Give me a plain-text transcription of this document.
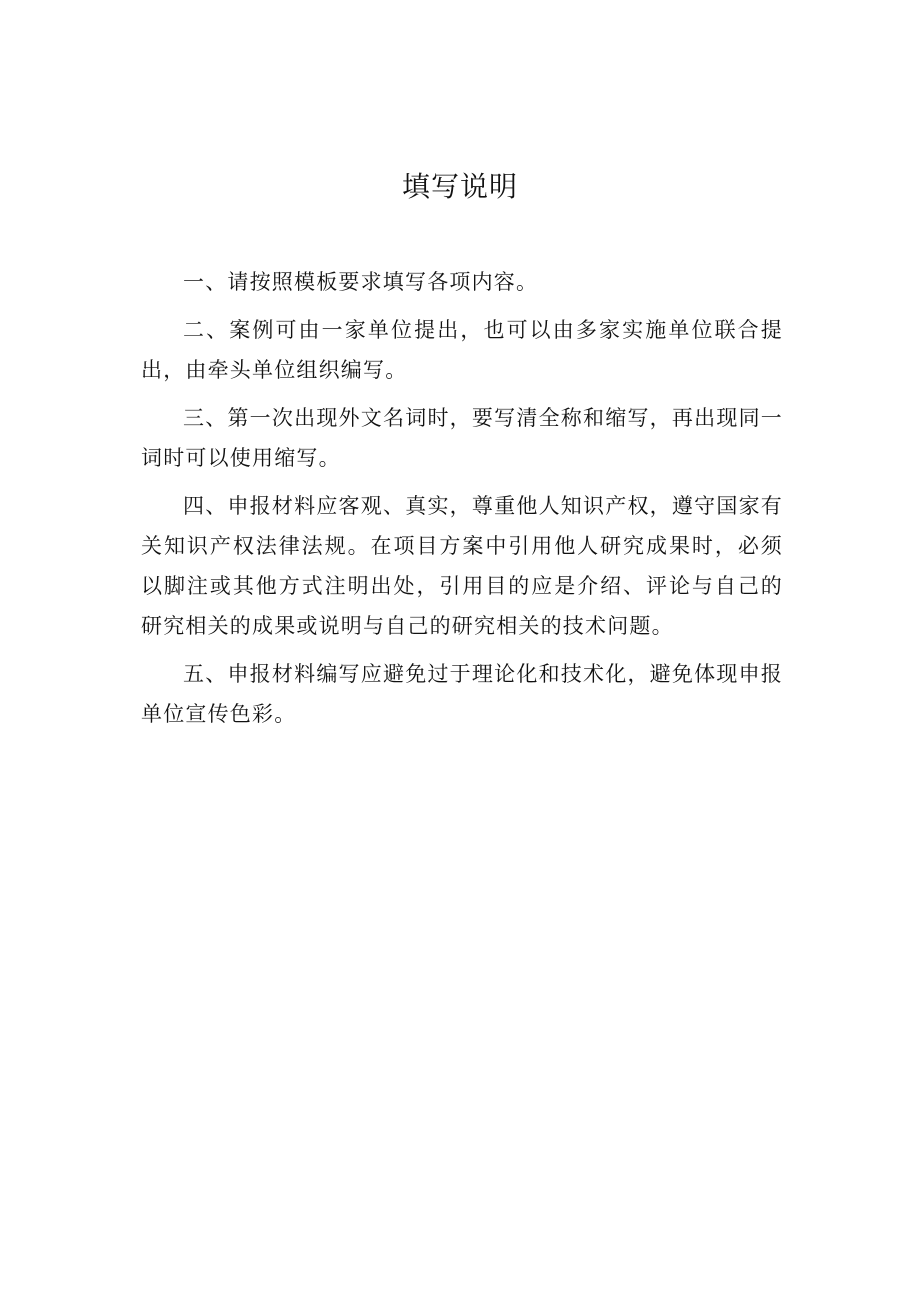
填写说明

一、请按照模板要求填写各项内容。

二、案例可由一家单位提出，也可以由多家实施单位联合提出，由牵头单位组织编写。

三、第一次出现外文名词时，要写清全称和缩写，再出现同一词时可以使用缩写。

四、申报材料应客观、真实，尊重他人知识产权，遵守国家有关知识产权法律法规。在项目方案中引用他人研究成果时，必须以脚注或其他方式注明出处，引用目的应是介绍、评论与自己的研究相关的成果或说明与自己的研究相关的技术问题。

五、申报材料编写应避免过于理论化和技术化，避免体现申报单位宣传色彩。
